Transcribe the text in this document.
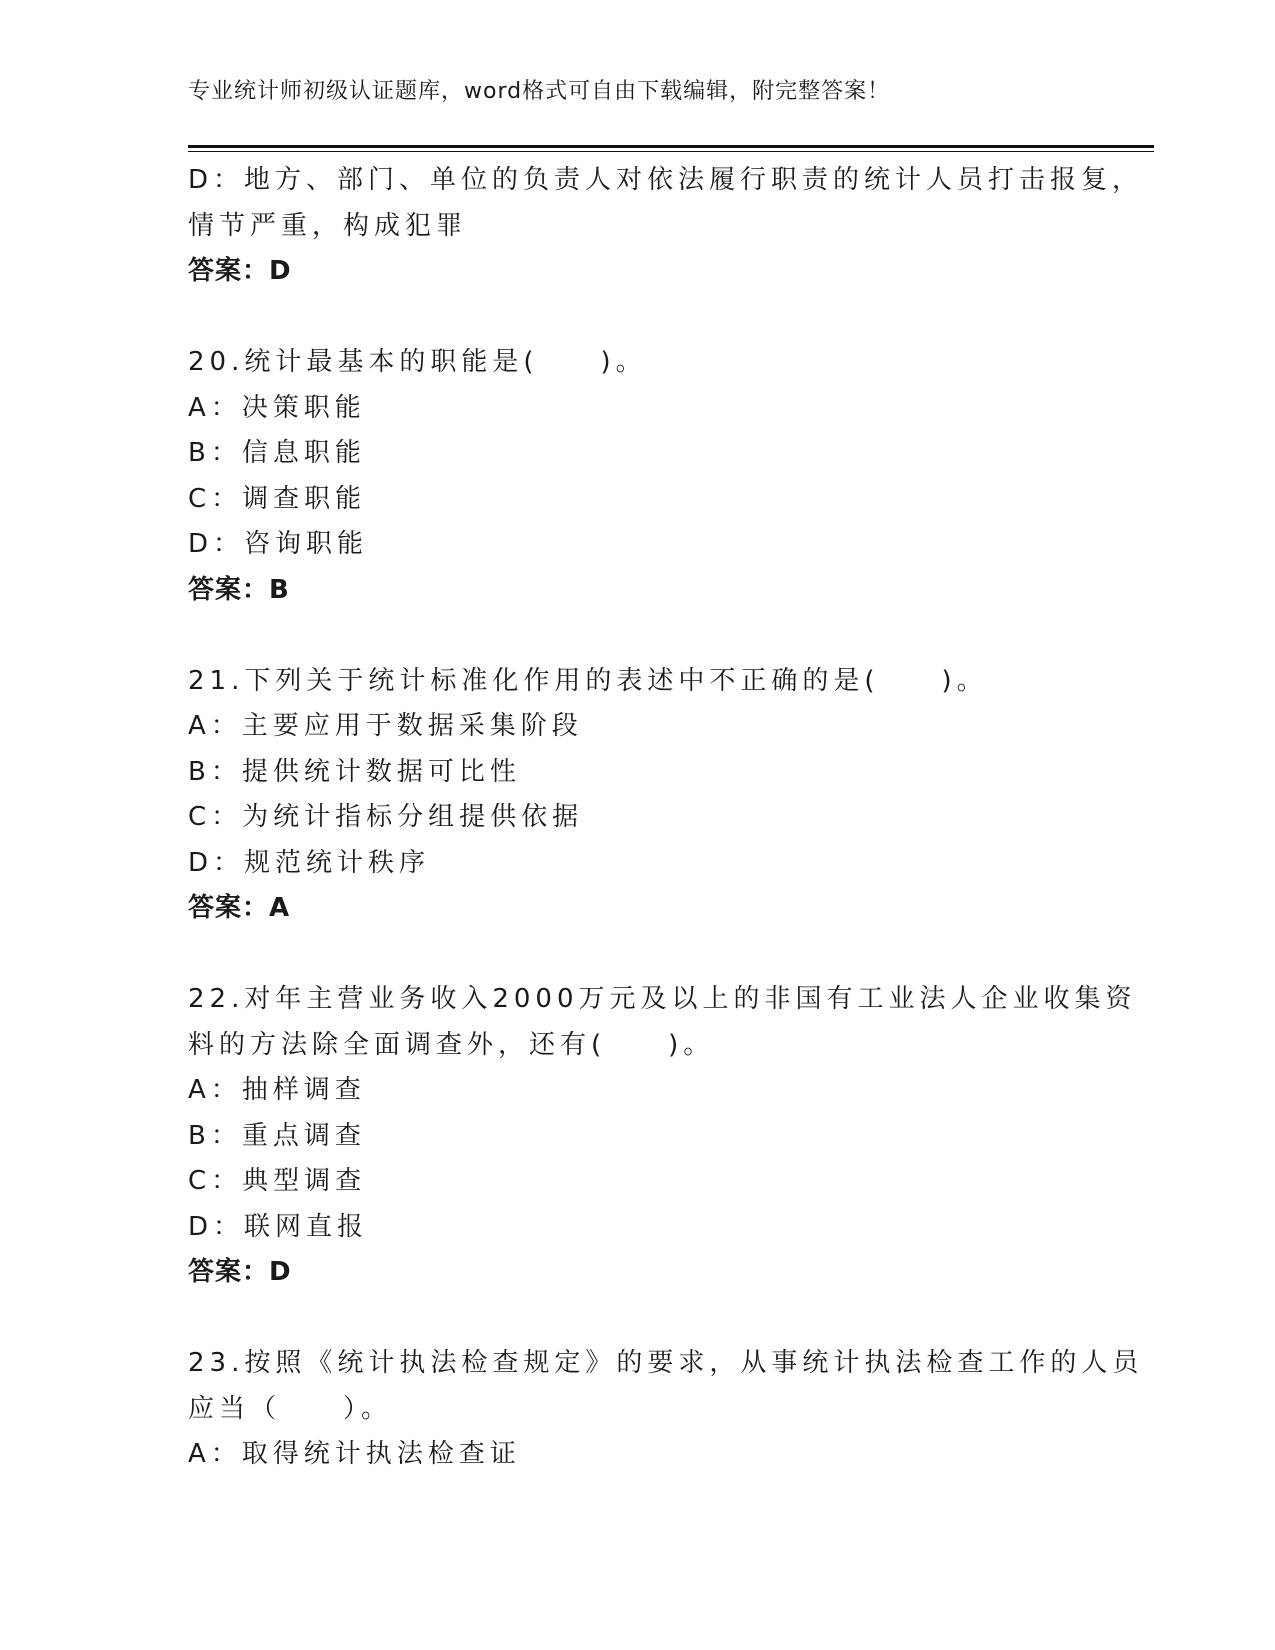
专业统计师初级认证题库，word格式可自由下载编辑，附完整答案！
D：地方、部门、单位的负责人对依法履行职责的统计人员打击报复，
情节严重，构成犯罪
答案：D
20.统计最基本的职能是(　　)。
A：决策职能
B：信息职能
C：调查职能
D：咨询职能
答案：B
21.下列关于统计标准化作用的表述中不正确的是(　　)。
A：主要应用于数据采集阶段
B：提供统计数据可比性
C：为统计指标分组提供依据
D：规范统计秩序
答案：A
22.对年主营业务收入2000万元及以上的非国有工业法人企业收集资
料的方法除全面调查外，还有(　　)。
A：抽样调查
B：重点调查
C：典型调查
D：联网直报
答案：D
23.按照《统计执法检查规定》的要求，从事统计执法检查工作的人员
应当（　　）。
A：取得统计执法检查证
